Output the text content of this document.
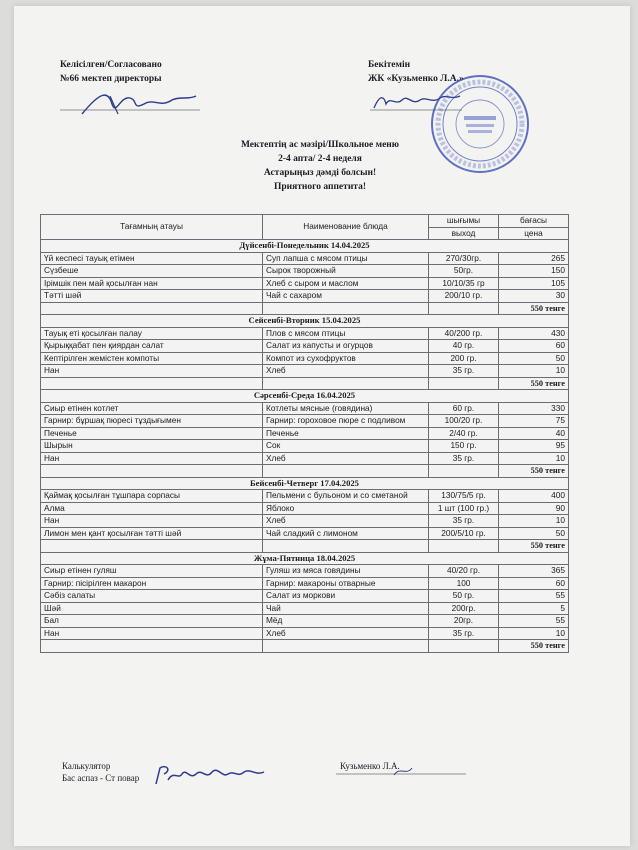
Келісілген/Согласовано
№66 мектеп директоры
Бекітемін
ЖК «Кузьменко Л.А.»
Мектептің ас мәзірі/Школьное меню
2-4 апта/ 2-4 неделя
Астарыңыз дәмді болсын!
Приятного аппетита!
Тағамның атауы	Наименование блюда	шығымы	бағасы
		выход	цена
Дүйсенбі-Понедельник 14.04.2025			
Үй кеспесі тауық етімен	Суп лапша с мясом птицы	270/30гр.	265
Сүзбеше	Сырок творожный	50гр.	150
Ірімшік пен май қосылған нан	Хлеб с сыром и маслом	10/10/35 гр	105
Тәтті шәй	Чай с сахаром	200/10 гр.	30
			550 тенге
Сейсенбі-Вторник 15.04.2025			
Тауық еті қосылған палау	Плов с мясом птицы	40/200 гр.	430
Қырыққабат пен қиярдан салат	Салат из капусты и огурцов	40 гр.	60
Кептірілген жемістен компоты	Компот из сухофруктов	200 гр.	50
Нан	Хлеб	35 гр.	10
			550 тенге
Сәрсенбі-Среда 16.04.2025			
Сиыр етінен котлет	Котлеты мясные (говядина)	60 гр.	330
Гарнир: бұршақ пюресі тұздығымен	Гарнир: гороховое пюре с подливом	100/20 гр.	75
Печенье	Печенье	2/40 гр.	40
Шырын	Сок	150 гр.	95
Нан	Хлеб	35 гр.	10
			550 тенге
Бейсенбі-Четверг 17.04.2025			
Қаймақ қосылған тұшпара сорпасы	Пельмени с бульоном и со сметаной	130/75/5 гр.	400
Алма	Яблоко	1 шт (100 гр.)	90
Нан	Хлеб	35 гр.	10
Лимон мен қант қосылған тәтті шәй	Чай сладкий с лимоном	200/5/10 гр.	50
			550 тенге
Жұма-Пятница 18.04.2025			
Сиыр етінен гуляш	Гуляш из мяса говядины	40/20 гр.	365
Гарнир: пісірілген макарон	Гарнир: макароны отварные	100	60
Сәбіз салаты	Салат из моркови	50 гр.	55
Шәй	Чай	200гр.	5
Бал	Мёд	20гр.	55
Нан	Хлеб	35 гр.	10
			550 тенге
Калькулятор
Бас аспаз - Ст повар
Кузьменко Л.А.
